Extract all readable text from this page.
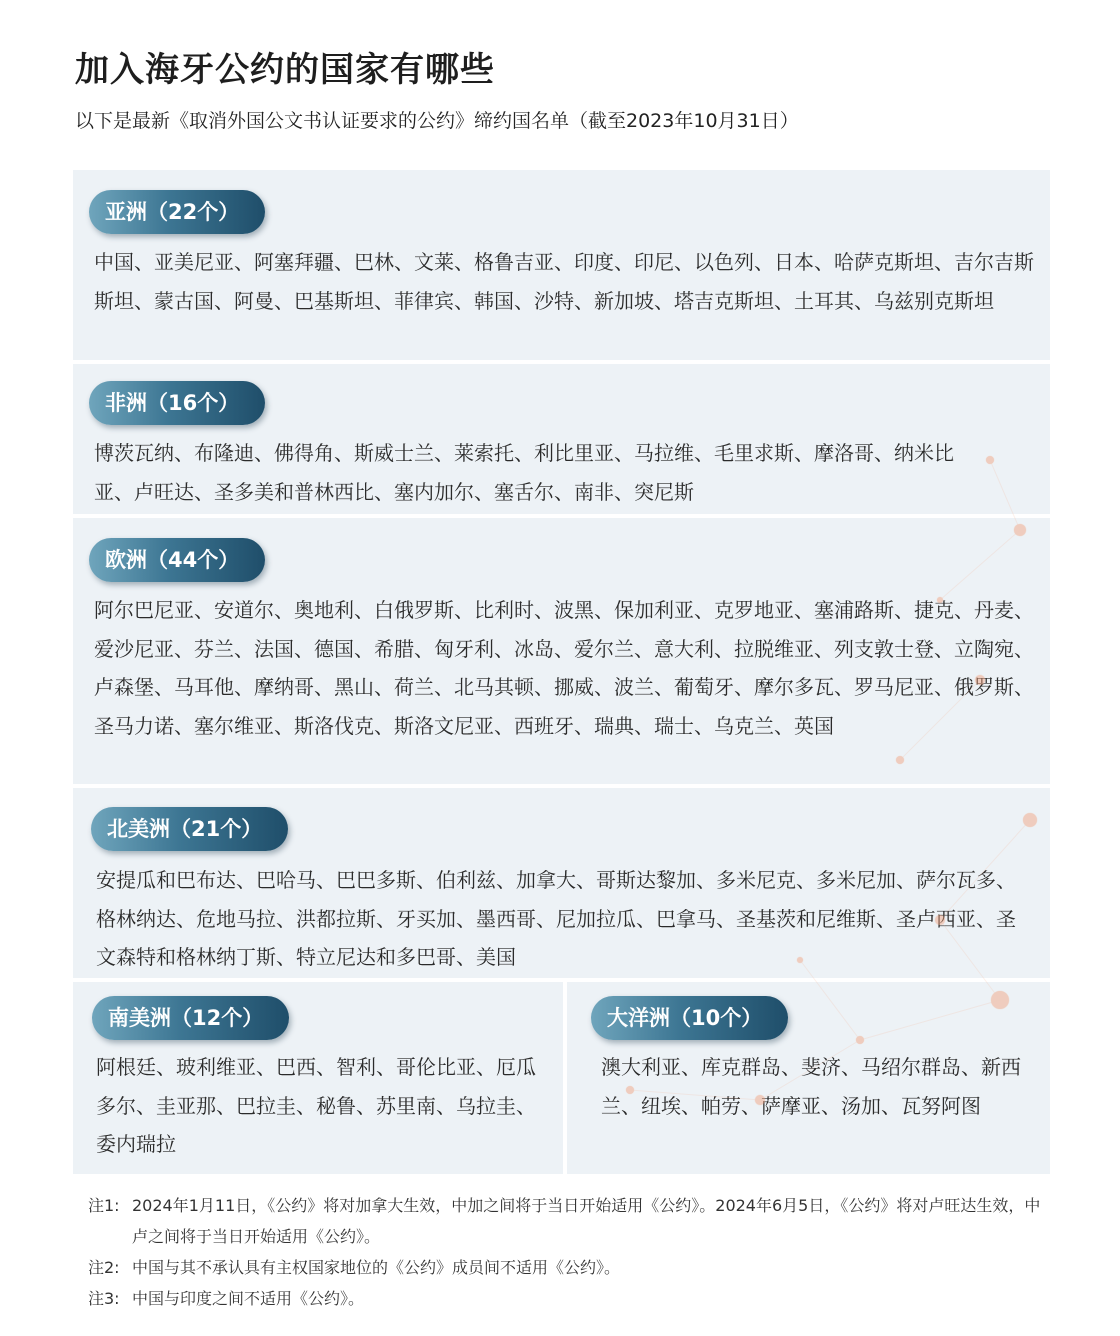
加入海牙公约的国家有哪些
以下是最新《取消外国公文书认证要求的公约》缔约国名单（截至2023年10月31日）
亚洲（22个）

中国、亚美尼亚、阿塞拜疆、巴林、文莱、格鲁吉亚、印度、印尼、以色列、日本、哈萨克斯坦、吉尔吉斯斯坦、蒙古国、阿曼、巴基斯坦、菲律宾、韩国、沙特、新加坡、塔吉克斯坦、土耳其、乌兹别克斯坦

非洲（16个）

博茨瓦纳、布隆迪、佛得角、斯威士兰、莱索托、利比里亚、马拉维、毛里求斯、摩洛哥、纳米比亚、卢旺达、圣多美和普林西比、塞内加尔、塞舌尔、南非、突尼斯

欧洲（44个）

阿尔巴尼亚、安道尔、奥地利、白俄罗斯、比利时、波黑、保加利亚、克罗地亚、塞浦路斯、捷克、丹麦、爱沙尼亚、芬兰、法国、德国、希腊、匈牙利、冰岛、爱尔兰、意大利、拉脱维亚、列支敦士登、立陶宛、卢森堡、马耳他、摩纳哥、黑山、荷兰、北马其顿、挪威、波兰、葡萄牙、摩尔多瓦、罗马尼亚、俄罗斯、圣马力诺、塞尔维亚、斯洛伐克、斯洛文尼亚、西班牙、瑞典、瑞士、乌克兰、英国

北美洲（21个）

安提瓜和巴布达、巴哈马、巴巴多斯、伯利兹、加拿大、哥斯达黎加、多米尼克、多米尼加、萨尔瓦多、格林纳达、危地马拉、洪都拉斯、牙买加、墨西哥、尼加拉瓜、巴拿马、圣基茨和尼维斯、圣卢西亚、圣文森特和格林纳丁斯、特立尼达和多巴哥、美国

南美洲（12个）

阿根廷、玻利维亚、巴西、智利、哥伦比亚、厄瓜多尔、圭亚那、巴拉圭、秘鲁、苏里南、乌拉圭、委内瑞拉

大洋洲（10个）

澳大利亚、库克群岛、斐济、马绍尔群岛、新西兰、纽埃、帕劳、萨摩亚、汤加、瓦努阿图

注1: 2024年1月11日，《公约》将对加拿大生效，中加之间将于当日开始适用《公约》。2024年6月5日，《公约》将对卢旺达生效，中卢之间将于当日开始适用《公约》。
注2: 中国与其不承认具有主权国家地位的《公约》成员间不适用《公约》。
注3: 中国与印度之间不适用《公约》。
